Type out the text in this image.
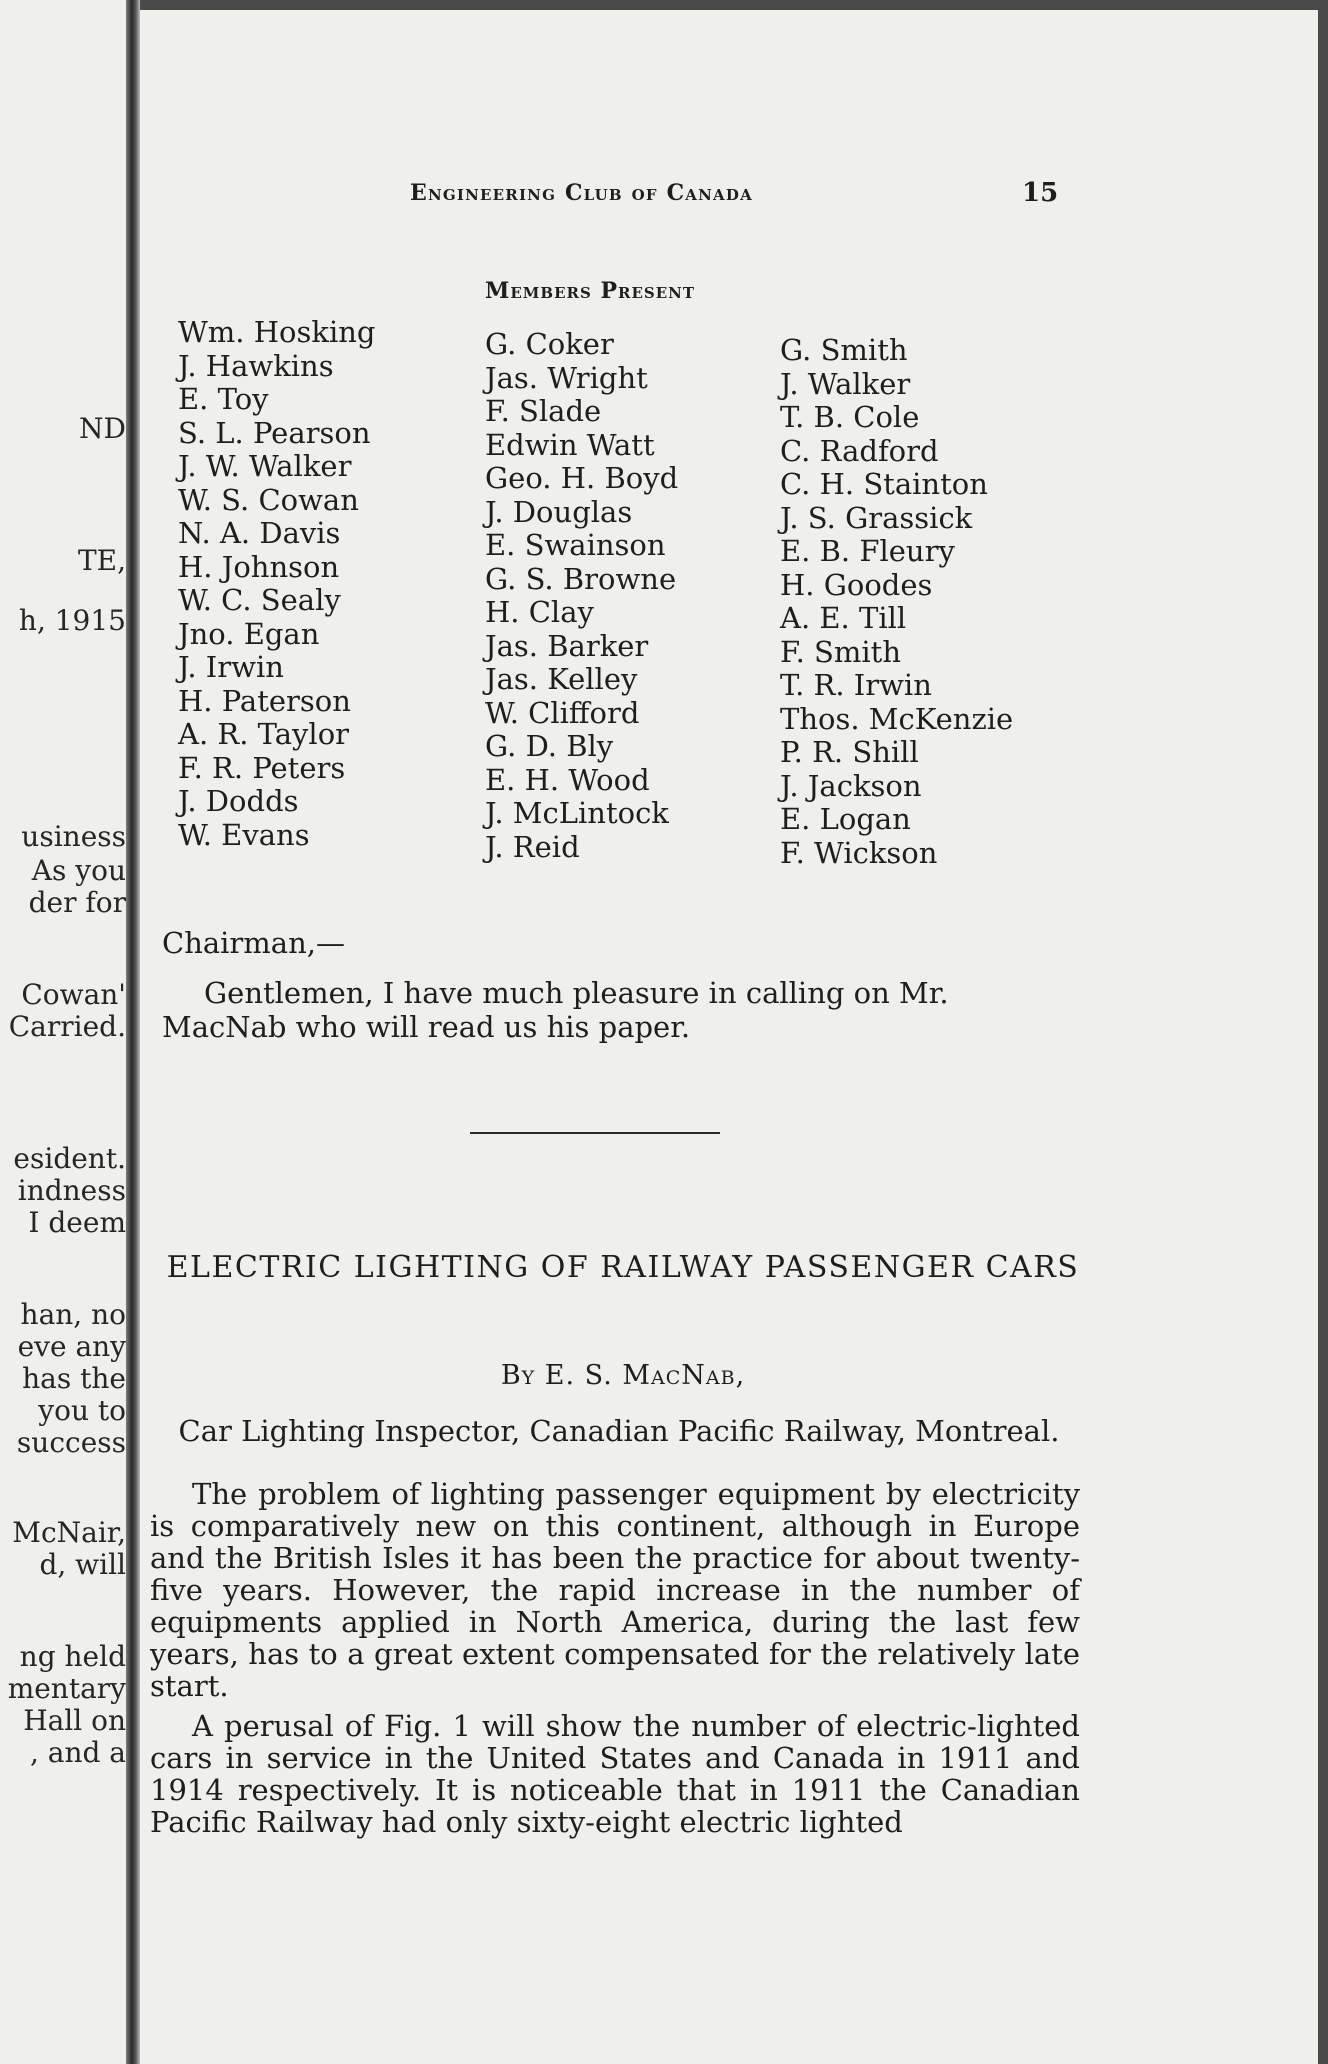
ND
TE,
h, 1915
usiness
As you
der for
Cowan'
Carried.
esident.
indness
I deem
han, no
eve any
has the
you to
success
McNair,
d, will
ng held
mentary
Hall on
, and a
Engineering Club of Canada	15
Members Present
Wm. Hosking
J. Hawkins
E. Toy
S. L. Pearson
J. W. Walker
W. S. Cowan
N. A. Davis
H. Johnson
W. C. Sealy
Jno. Egan
J. Irwin
H. Paterson
A. R. Taylor
F. R. Peters
J. Dodds
W. Evans
G. Coker
Jas. Wright
F. Slade
Edwin Watt
Geo. H. Boyd
J. Douglas
E. Swainson
G. S. Browne
H. Clay
Jas. Barker
Jas. Kelley
W. Clifford
G. D. Bly
E. H. Wood
J. McLintock
J. Reid
G. Smith
J. Walker
T. B. Cole
C. Radford
C. H. Stainton
J. S. Grassick
E. B. Fleury
H. Goodes
A. E. Till
F. Smith
T. R. Irwin
Thos. McKenzie
P. R. Shill
J. Jackson
E. Logan
F. Wickson
Chairman,—
Gentlemen, I have much pleasure in calling on Mr. MacNab who will read us his paper.
ELECTRIC LIGHTING OF RAILWAY PASSENGER CARS
By E. S. MacNab,
Car Lighting Inspector, Canadian Pacific Railway, Montreal.
The problem of lighting passenger equipment by electricity is comparatively new on this continent, although in Europe and the British Isles it has been the practice for about twenty-five years. However, the rapid increase in the number of equipments applied in North America, during the last few years, has to a great extent compensated for the relatively late start.
A perusal of Fig. 1 will show the number of electric-lighted cars in service in the United States and Canada in 1911 and 1914 respectively. It is noticeable that in 1911 the Canadian Pacific Railway had only sixty-eight electric lighted
